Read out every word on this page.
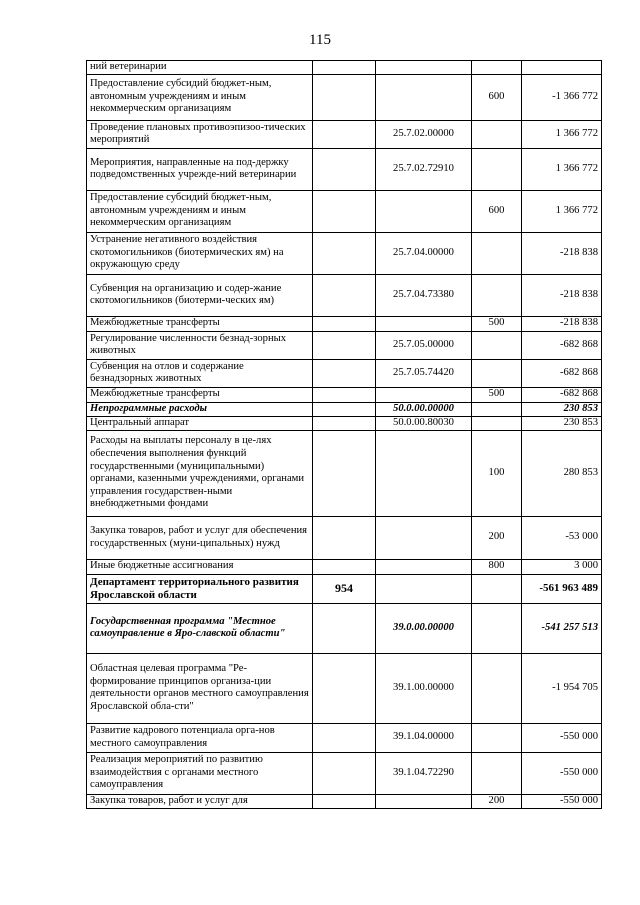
115
ний ветеринарии				
Предоставление субсидий бюджет-ным, автономным учреждениям и иным некоммерческим организациям			600	-1 366 772
Проведение плановых противоэпизоо-тических мероприятий		25.7.02.00000		1 366 772
Мероприятия, направленные на под-держку подведомственных учрежде-ний ветеринарии		25.7.02.72910		1 366 772
Предоставление субсидий бюджет-ным, автономным учреждениям и иным некоммерческим организациям			600	1 366 772
Устранение негативного воздействия скотомогильников (биотермических ям) на окружающую среду		25.7.04.00000		-218 838
Субвенция на организацию и содер-жание скотомогильников (биотерми-ческих ям)		25.7.04.73380		-218 838
Межбюджетные трансферты			500	-218 838
Регулирование численности безнад-зорных животных		25.7.05.00000		-682 868
Субвенция на отлов и содержание безнадзорных животных		25.7.05.74420		-682 868
Межбюджетные трансферты			500	-682 868
Непрограммные расходы		50.0.00.00000		230 853
Центральный аппарат		50.0.00.80030		230 853
Расходы на выплаты персоналу в це-лях обеспечения выполнения функций государственными (муниципальными) органами, казенными учреждениями, органами управления государствен-ными внебюджетными фондами			100	280 853
Закупка товаров, работ и услуг для обеспечения государственных (муни-ципальных) нужд			200	-53 000
Иные бюджетные ассигнования			800	3 000
Департамент территориального развития Ярославской области	954			-561 963 489
Государственная программа "Местное самоуправление в Яро-славской области"		39.0.00.00000		-541 257 513
Областная целевая программа "Ре-формирование принципов организа-ции деятельности органов местного самоуправления Ярославской обла-сти"		39.1.00.00000		-1 954 705
Развитие кадрового потенциала орга-нов местного самоуправления		39.1.04.00000		-550 000
Реализация мероприятий по развитию взаимодействия с органами местного самоуправления		39.1.04.72290		-550 000
Закупка товаров, работ и услуг для			200	-550 000
